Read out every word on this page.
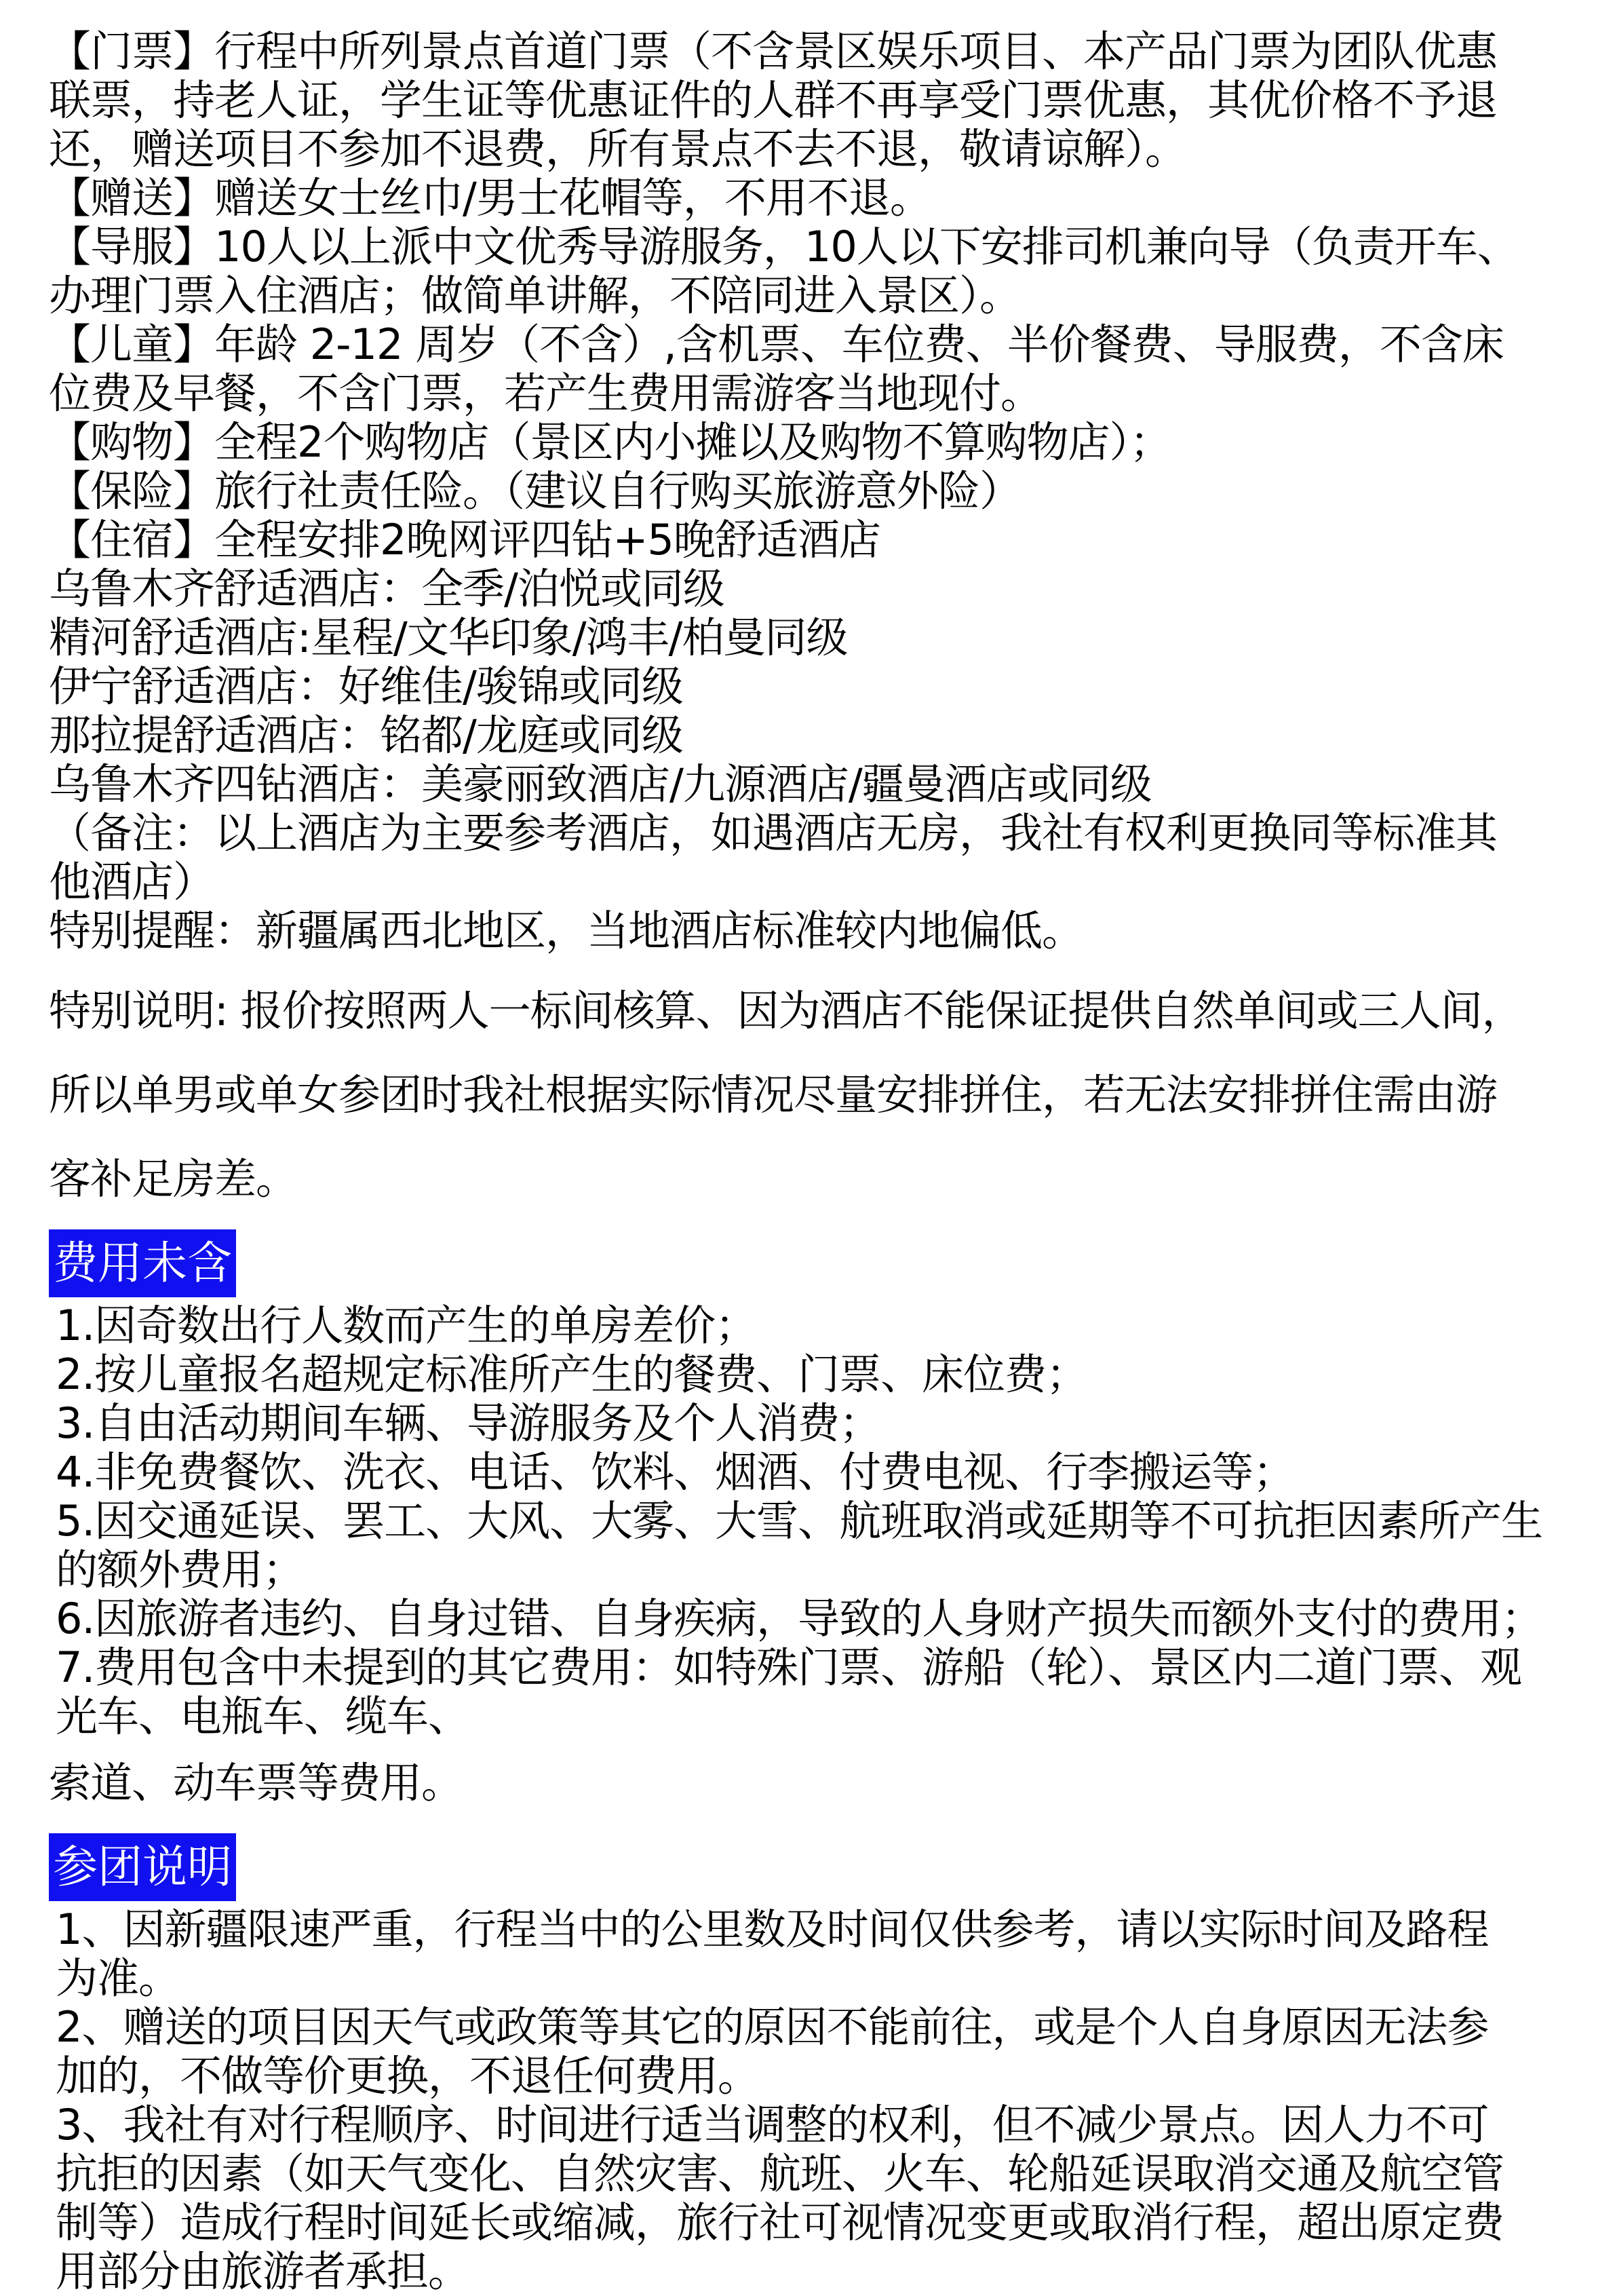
【门票】行程中所列景点首道门票（不含景区娱乐项目、本产品门票为团队优惠
联票，持老人证，学生证等优惠证件的人群不再享受门票优惠，其优价格不予退
还，赠送项目不参加不退费，所有景点不去不退，敬请谅解）。
【赠送】赠送女士丝巾/男士花帽等，不用不退。
【导服】10人以上派中文优秀导游服务，10人以下安排司机兼向导（负责开车、
办理门票入住酒店；做简单讲解，不陪同进入景区）。
【儿童】年龄 2-12 周岁（不含）,含机票、车位费、半价餐费、导服费，不含床
位费及早餐，不含门票，若产生费用需游客当地现付。
【购物】全程2个购物店（景区内小摊以及购物不算购物店）；
【保险】旅行社责任险。（建议自行购买旅游意外险）
【住宿】全程安排2晚网评四钻+5晚舒适酒店
乌鲁木齐舒适酒店：全季/泊悦或同级
精河舒适酒店:星程/文华印象/鸿丰/柏曼同级
伊宁舒适酒店：好维佳/骏锦或同级
那拉提舒适酒店：铭都/龙庭或同级
乌鲁木齐四钻酒店：美豪丽致酒店/九源酒店/疆曼酒店或同级
（备注：以上酒店为主要参考酒店，如遇酒店无房，我社有权利更换同等标准其
他酒店）
特别提醒：新疆属西北地区，当地酒店标准较内地偏低。
特别说明: 报价按照两人一标间核算、因为酒店不能保证提供自然单间或三人间，
所以单男或单女参团时我社根据实际情况尽量安排拼住，若无法安排拼住需由游
客补足房差。
费用未含
1.因奇数出行人数而产生的单房差价；
2.按儿童报名超规定标准所产生的餐费、门票、床位费；
3.自由活动期间车辆、导游服务及个人消费；
4.非免费餐饮、洗衣、电话、饮料、烟酒、付费电视、行李搬运等；
5.因交通延误、罢工、大风、大雾、大雪、航班取消或延期等不可抗拒因素所产生
的额外费用；
6.因旅游者违约、自身过错、自身疾病，导致的人身财产损失而额外支付的费用；
7.费用包含中未提到的其它费用：如特殊门票、游船（轮）、景区内二道门票、观
光车、电瓶车、缆车、
索道、动车票等费用。
参团说明
1、因新疆限速严重，行程当中的公里数及时间仅供参考，请以实际时间及路程
为准。
2、赠送的项目因天气或政策等其它的原因不能前往，或是个人自身原因无法参
加的，不做等价更换，不退任何费用。
3、我社有对行程顺序、时间进行适当调整的权利，但不减少景点。因人力不可
抗拒的因素（如天气变化、自然灾害、航班、火车、轮船延误取消交通及航空管
制等）造成行程时间延长或缩减，旅行社可视情况变更或取消行程，超出原定费
用部分由旅游者承担。
